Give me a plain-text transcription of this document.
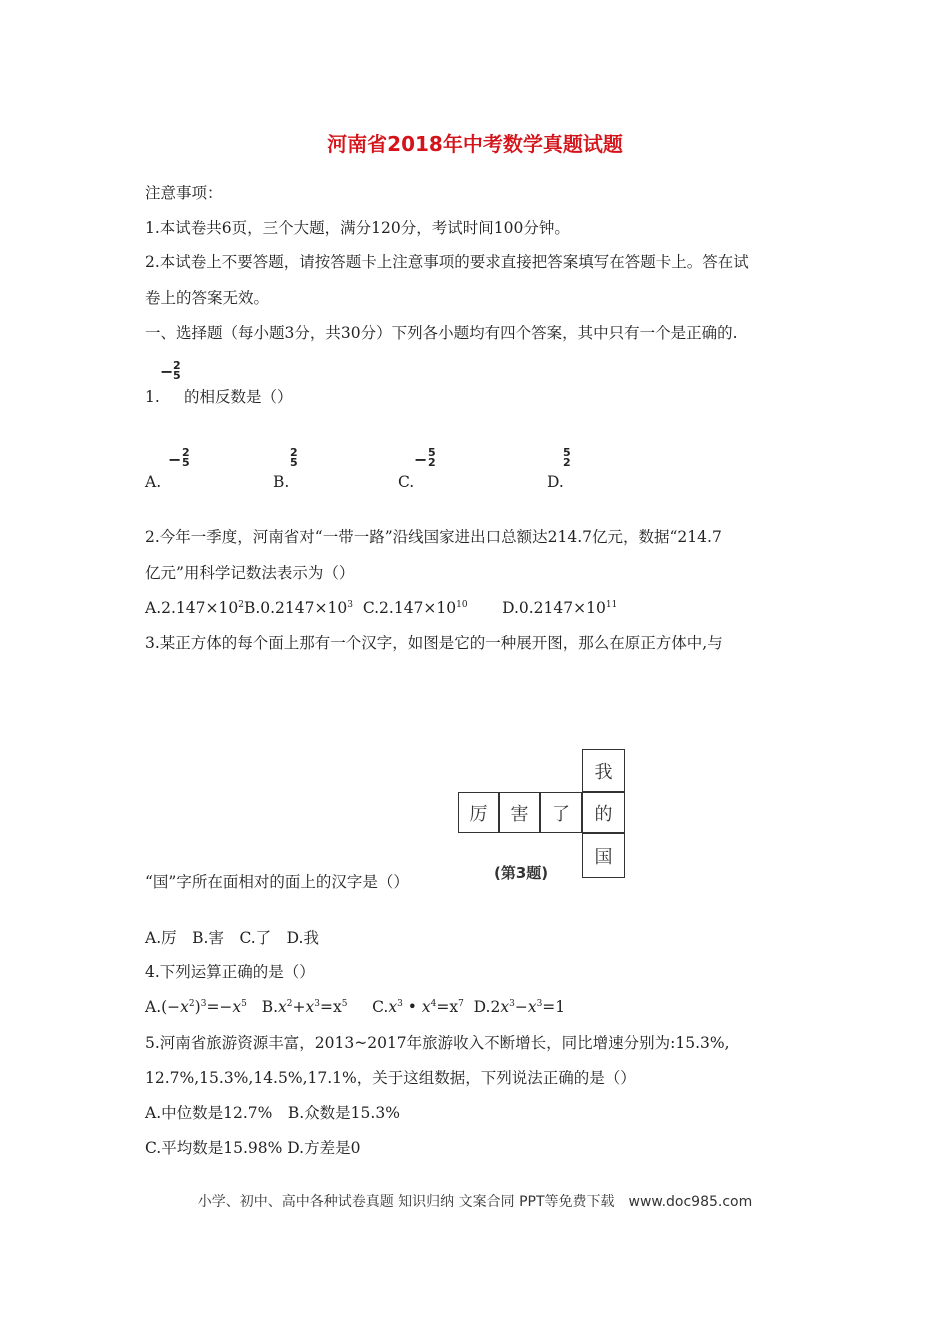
河南省2018年中考数学真题试题
注意事项：
1.本试卷共6页，三个大题，满分120分，考试时间100分钟。
2.本试卷上不要答题，请按答题卡上注意事项的要求直接把答案填写在答题卡上。答在试
卷上的答案无效。
一、选择题（每小题3分，共30分）下列各小题均有四个答案，其中只有一个是正确的.
1.
− 2
5
的相反数是（）
A.
− 2
5
B.
2
5
C.
− 5
2
D.
5
2
2.今年一季度，河南省对“一带一路”沿线国家进出口总额达214.7亿元，数据“214.7
亿元”用科学记数法表示为（）
$A.2.147\times 10^2B.0.2147\times 10^3$ $C.2.147\times 10^{10}$ $D.0.2147\times 10^{11}$
3.某正方体的每个面上那有一个汉字，如图是它的一种展开图，那么在原正方体中,与
厉	害	了
我
的
国
(第3题)
“国”字所在面相对的面上的汉字是（）
A.厉　B.害　C.了　D.我
4.下列运算正确的是（）
$A.(-x^2)^3=-x^5$ $B.x^2+x^3=x^5$ $C.x^3$ • $x^4=x^7$ $D.2x^3-x^3=1$
5.河南省旅游资源丰富，2013~2017年旅游收入不断增长，同比增速分别为:15.3%,
12.7%,15.3%,14.5%,17.1%，关于这组数据，下列说法正确的是（）
A.中位数是12.7%　B.众数是15.3%
C.平均数是15.98% D.方差是0
小学、初中、高中各种试卷真题 知识归纳 文案合同 PPT等免费下载　www.doc985.com
